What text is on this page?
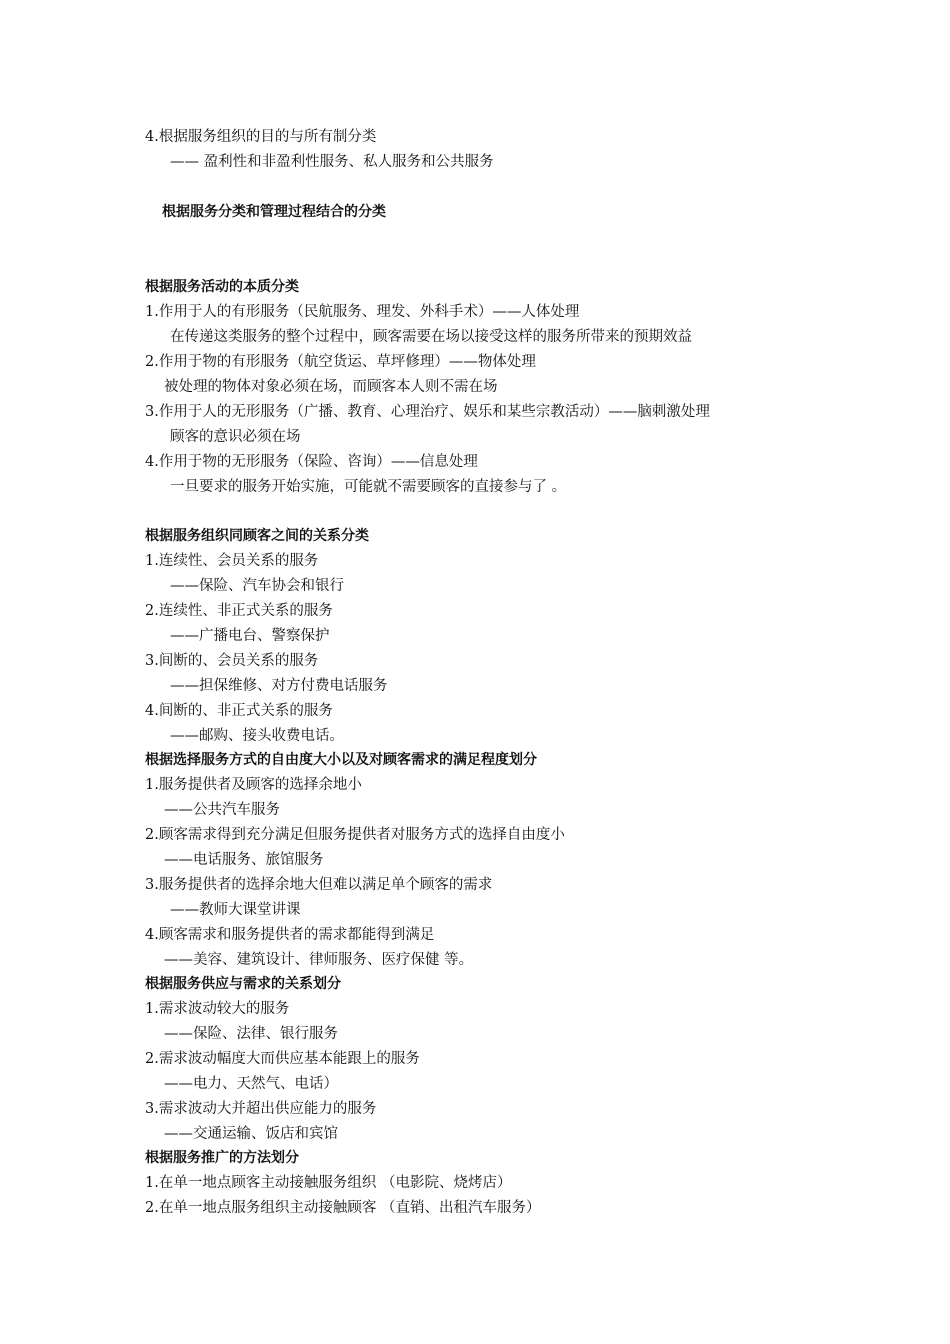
4.根据服务组织的目的与所有制分类
—— 盈利性和非盈利性服务、私人服务和公共服务
根据服务分类和管理过程结合的分类
根据服务活动的本质分类
1.作用于人的有形服务（民航服务、理发、外科手术）——人体处理
在传递这类服务的整个过程中，顾客需要在场以接受这样的服务所带来的预期效益
2.作用于物的有形服务（航空货运、草坪修理）——物体处理
被处理的物体对象必须在场，而顾客本人则不需在场
3.作用于人的无形服务（广播、教育、心理治疗、娱乐和某些宗教活动）——脑刺激处理
顾客的意识必须在场
4.作用于物的无形服务（保险、咨询）——信息处理
一旦要求的服务开始实施，可能就不需要顾客的直接参与了 。
根据服务组织同顾客之间的关系分类
1.连续性、会员关系的服务
——保险、汽车协会和银行
2.连续性、非正式关系的服务
——广播电台、警察保护
3.间断的、会员关系的服务
——担保维修、对方付费电话服务
4.间断的、非正式关系的服务
——邮购、接头收费电话。
根据选择服务方式的自由度大小以及对顾客需求的满足程度划分
1.服务提供者及顾客的选择余地小
——公共汽车服务
2.顾客需求得到充分满足但服务提供者对服务方式的选择自由度小
——电话服务、旅馆服务
3.服务提供者的选择余地大但难以满足单个顾客的需求
——教师大课堂讲课
4.顾客需求和服务提供者的需求都能得到满足
——美容、建筑设计、律师服务、医疗保健 等。
根据服务供应与需求的关系划分
1.需求波动较大的服务
——保险、法律、银行服务
2.需求波动幅度大而供应基本能跟上的服务
——电力、天然气、电话）
3.需求波动大并超出供应能力的服务
——交通运输、饭店和宾馆
根据服务推广的方法划分
1.在单一地点顾客主动接触服务组织 （电影院、烧烤店）
2.在单一地点服务组织主动接触顾客 （直销、出租汽车服务）
